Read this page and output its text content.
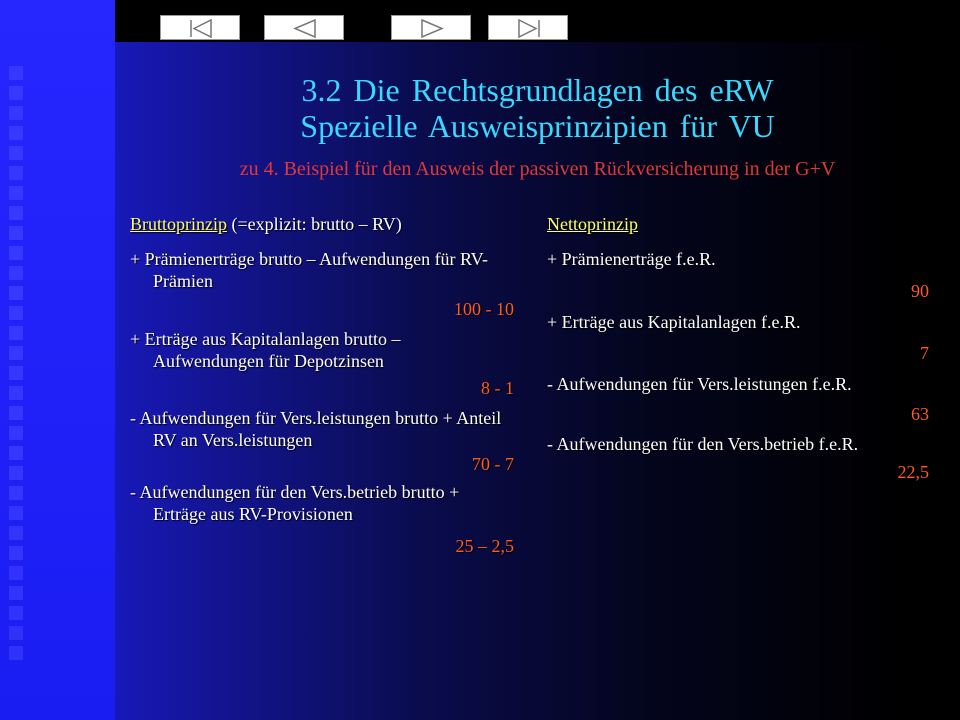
3.2 Die Rechtsgrundlagen des eRW
Spezielle Ausweisprinzipien für VU
zu 4. Beispiel für den Ausweis der passiven Rückversicherung in der G+V
Bruttoprinzip (=explizit: brutto – RV)
+ Prämienerträge brutto – Aufwendungen für RV-Prämien
100 - 10
+ Erträge aus Kapitalanlagen brutto – Aufwendungen für Depotzinsen
8 - 1
- Aufwendungen für Vers.leistungen brutto + Anteil RV an Vers.leistungen
70 - 7
- Aufwendungen für den Vers.betrieb brutto + Erträge aus RV-Provisionen
25 – 2,5
Nettoprinzip
+ Prämienerträge f.e.R.
90
+ Erträge aus Kapitalanlagen f.e.R.
7
- Aufwendungen für Vers.leistungen f.e.R.
63
- Aufwendungen für den Vers.betrieb f.e.R.
22,5
